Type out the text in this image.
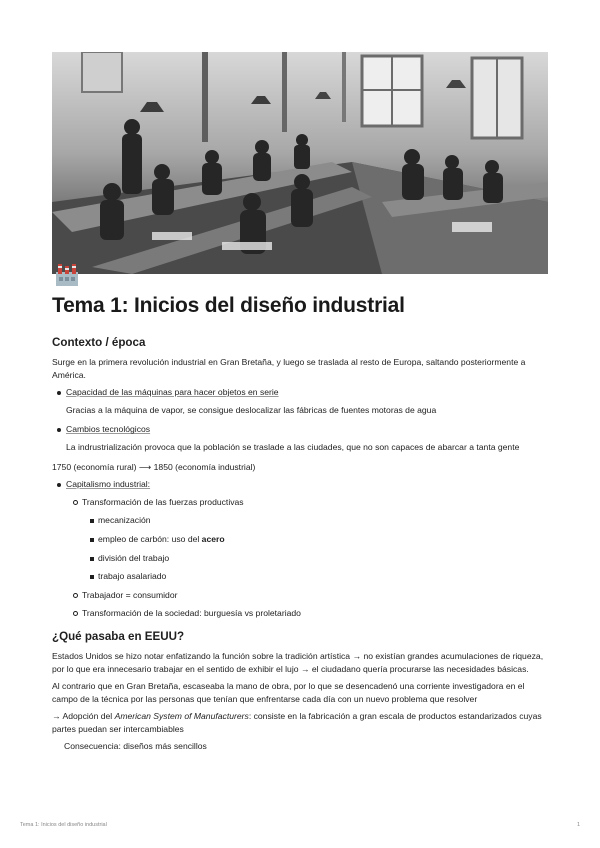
Tema 1: Inicios del diseño industrial
Contexto / época

Surge en la primera revolución industrial en Gran Bretaña, y luego se traslada al resto de Europa, saltando posteriormente a América.

Capacidad de las máquinas para hacer objetos en serie

Gracias a la máquina de vapor, se consigue deslocalizar las fábricas de fuentes motoras de agua

Cambios tecnológicos

La indrustrialización provoca que la población se traslade a las ciudades, que no son capaces de abarcar a tanta gente

1750 (economía rural) ⟶ 1850 (economía industrial)

Capitalismo industrial:
Transformación de las fuerzas productivas
mecanización
empleo de carbón: uso del acero
división del trabajo
trabajo asalariado
Trabajador = consumidor
Transformación de la sociedad: burguesía vs proletariado
¿Qué pasaba en EEUU?

Estados Unidos se hizo notar enfatizando la función sobre la tradición artística → no existían grandes acumulaciones de riqueza, por lo que era innecesario trabajar en el sentido de exhibir el lujo → el ciudadano quería procurarse las necesidades básicas.

Al contrario que en Gran Bretaña, escaseaba la mano de obra, por lo que se desencadenó una corriente investigadora en el campo de la técnica por las personas que tenían que enfrentarse cada día con un nuevo problema que resolver

→ Adopción del American System of Manufacturers: consiste en la fabricación a gran escala de productos estandarizados cuyas partes puedan ser intercambiables

Consecuencia: diseños más sencillos

Tema 1: Inicios del diseño industrial	1
